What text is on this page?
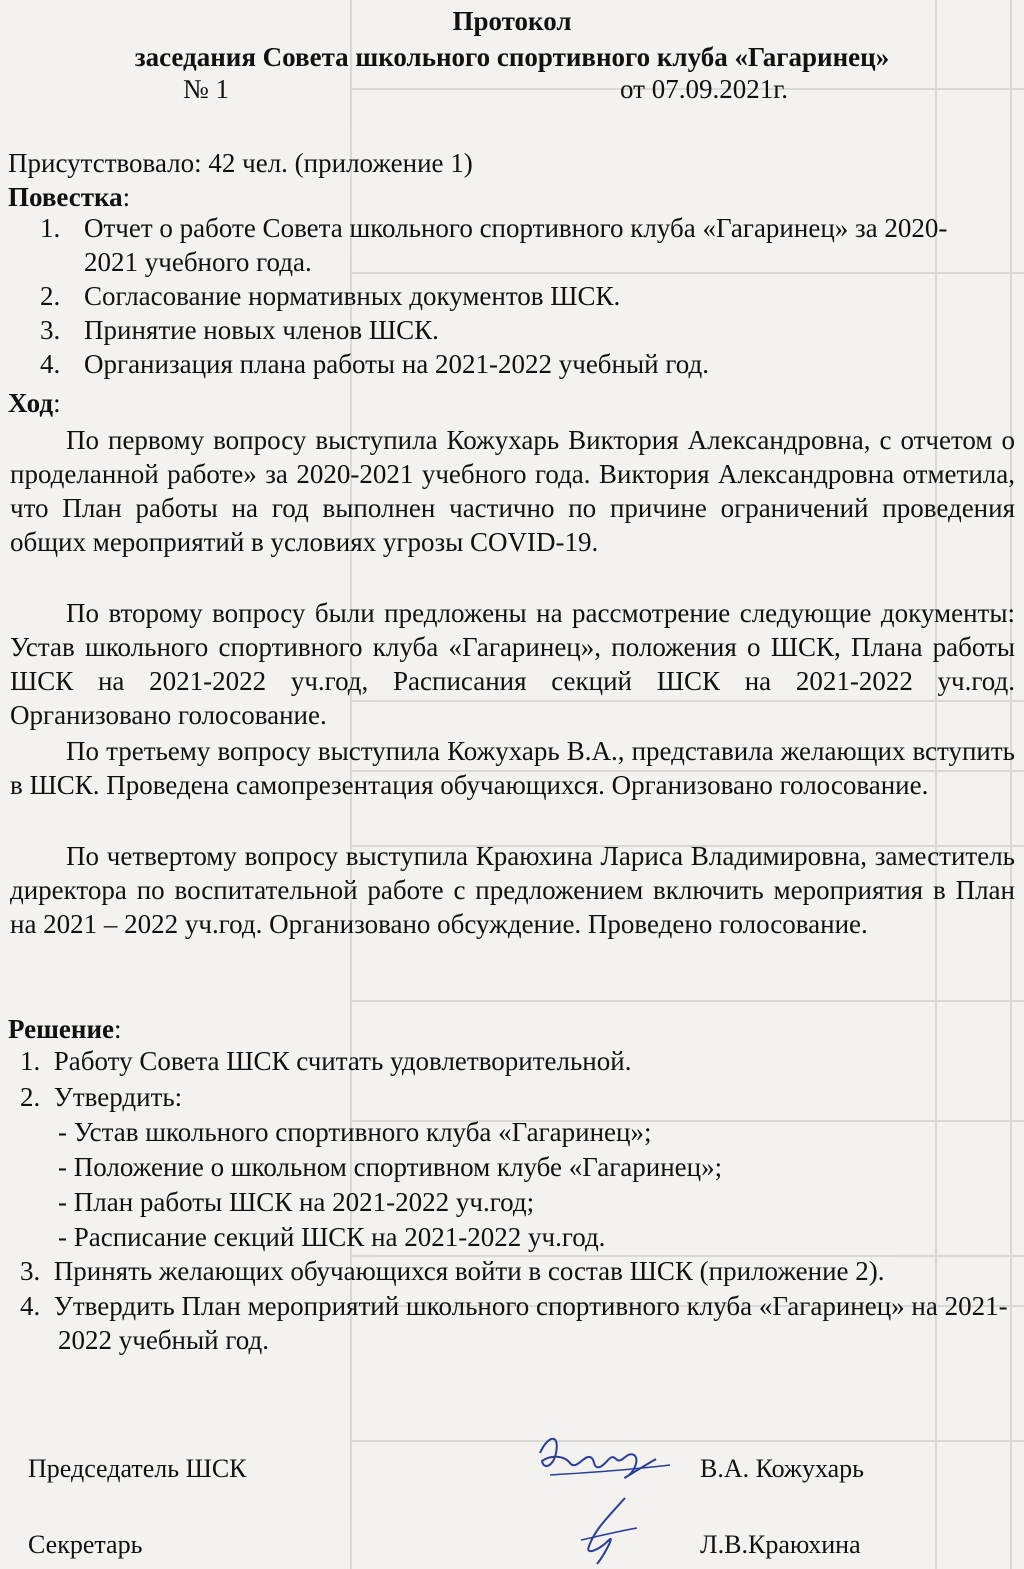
Протокол
заседания Совета школьного спортивного клуба «Гагаринец»
№ 1	от 07.09.2021г.
Присутствовало: 42 чел. (приложение 1)
Повестка:
1. Отчет о работе Совета школьного спортивного клуба «Гагаринец» за 2020-2021 учебного года.
2. Согласование нормативных документов ШСК.
3. Принятие новых членов ШСК.
4. Организация плана работы на 2021-2022 учебный год.
Ход:
По первому вопросу выступила Кожухарь Виктория Александровна, с отчетом о проделанной работе» за 2020-2021 учебного года. Виктория Александровна отметила, что План работы на год выполнен частично по причине ограничений проведения общих мероприятий в условиях угрозы COVID-19.
По второму вопросу были предложены на рассмотрение следующие документы: Устав школьного спортивного клуба «Гагаринец», положения о ШСК, Плана работы ШСК на 2021-2022 уч.год, Расписания секций ШСК на 2021-2022 уч.год. Организовано голосование.
По третьему вопросу выступила Кожухарь В.А., представила желающих вступить в ШСК. Проведена самопрезентация обучающихся. Организовано голосование.
По четвертому вопросу выступила Краюхина Лариса Владимировна, заместитель директора по воспитательной работе с предложением включить мероприятия в План на 2021 – 2022 уч.год. Организовано обсуждение. Проведено голосование.
Решение:
1. Работу Совета ШСК считать удовлетворительной.
2. Утвердить:
- Устав школьного спортивного клуба «Гагаринец»;
- Положение о школьном спортивном клубе «Гагаринец»;
- План работы ШСК на 2021-2022 уч.год;
- Расписание секций ШСК на 2021-2022 уч.год.
3. Принять желающих обучающихся войти в состав ШСК (приложение 2).
4. Утвердить План мероприятий школьного спортивного клуба «Гагаринец» на 2021-2022 учебный год.
Председатель ШСК	В.А. Кожухарь
Секретарь	Л.В.Краюхина
